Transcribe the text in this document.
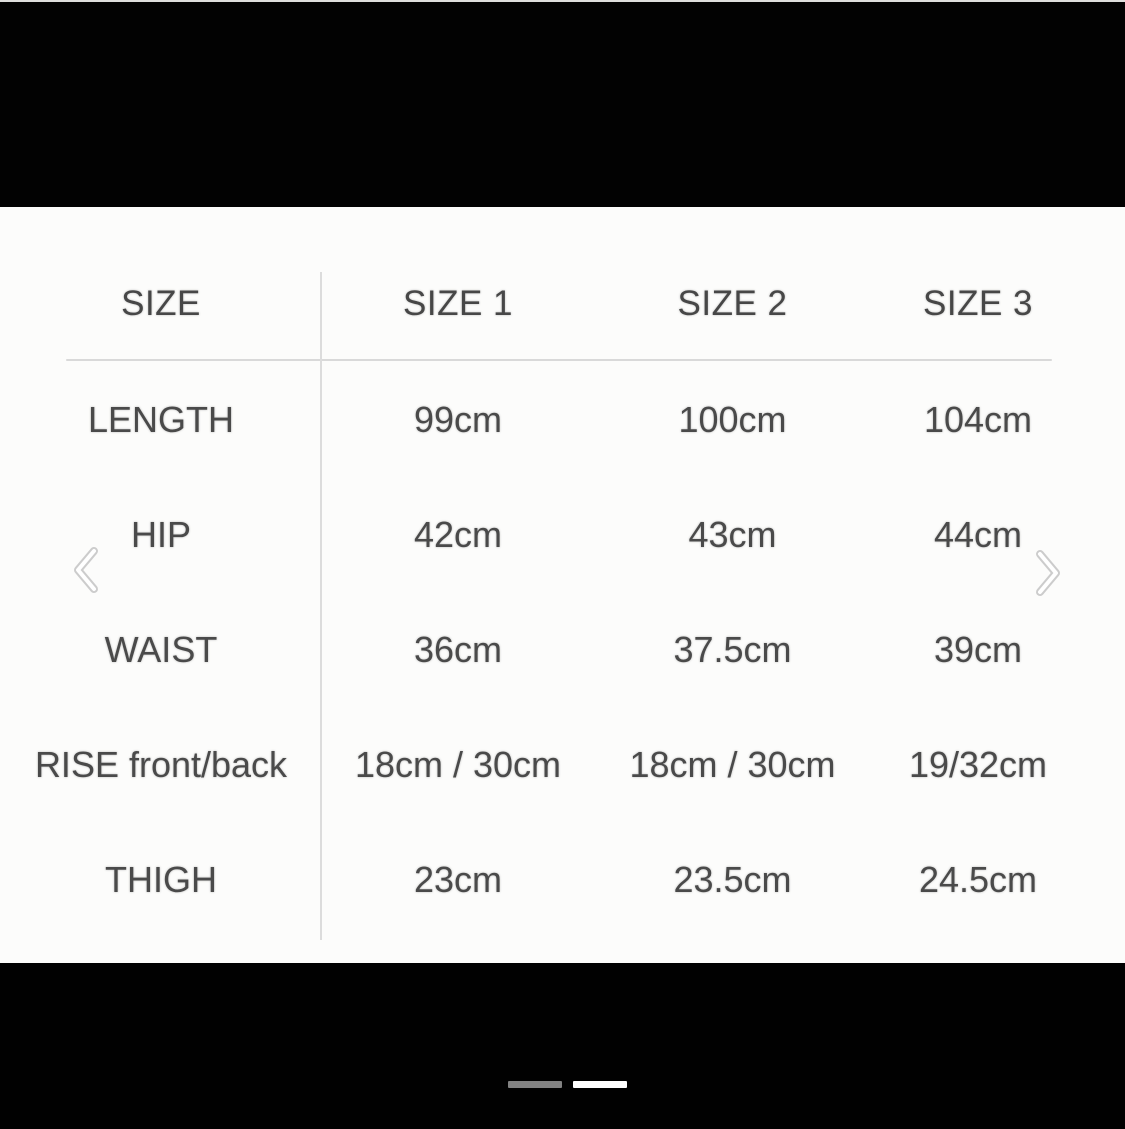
SIZE	SIZE 1	SIZE 2	SIZE 3
LENGTH	99cm	100cm	104cm
HIP	42cm	43cm	44cm
WAIST	36cm	37.5cm	39cm
RISE front/back	18cm / 30cm	18cm / 30cm	19/32cm
THIGH	23cm	23.5cm	24.5cm
